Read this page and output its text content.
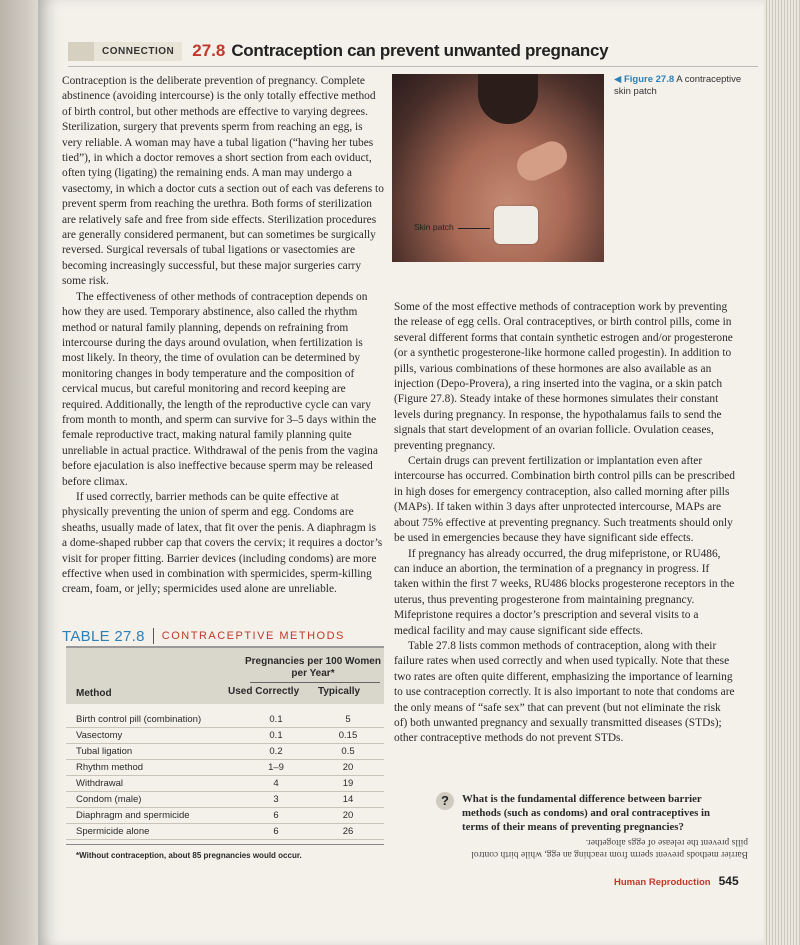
CONNECTION	27.8 Contraception can prevent unwanted pregnancy

Contraception is the deliberate prevention of pregnancy. Complete abstinence (avoiding intercourse) is the only totally effective method of birth control, but other methods are effective to varying degrees. Sterilization, surgery that prevents sperm from reaching an egg, is very reliable. A woman may have a tubal ligation (“having her tubes tied”), in which a doctor removes a short section from each oviduct, often tying (ligating) the remaining ends. A man may undergo a vasectomy, in which a doctor cuts a section out of each vas deferens to prevent sperm from reaching the urethra. Both forms of sterilization are relatively safe and free from side effects. Sterilization procedures are generally considered permanent, but can sometimes be surgically reversed. Surgical reversals of tubal ligations or vasectomies are becoming increasingly successful, but these major surgeries carry some risk.

The effectiveness of other methods of contraception depends on how they are used. Temporary abstinence, also called the rhythm method or natural family planning, depends on refraining from intercourse during the days around ovulation, when fertilization is most likely. In theory, the time of ovulation can be determined by monitoring changes in body temperature and the composition of cervical mucus, but careful monitoring and record keeping are required. Additionally, the length of the reproductive cycle can vary from month to month, and sperm can survive for 3–5 days within the female reproductive tract, making natural family planning quite unreliable in actual practice. Withdrawal of the penis from the vagina before ejaculation is also ineffective because sperm may be released before climax.

If used correctly, barrier methods can be quite effective at physically preventing the union of sperm and egg. Condoms are sheaths, usually made of latex, that fit over the penis. A diaphragm is a dome-shaped rubber cap that covers the cervix; it requires a doctor’s visit for proper fitting. Barrier devices (including condoms) are more effective when used in combination with spermicides, sperm-killing cream, foam, or jelly; spermicides used alone are unreliable.

Skin patch
◀ Figure 27.8 A contraceptive skin patch

Some of the most effective methods of contraception work by preventing the release of egg cells. Oral contraceptives, or birth control pills, come in several different forms that contain synthetic estrogen and/or progesterone (or a synthetic progesterone-like hormone called progestin). In addition to pills, various combinations of these hormones are also available as an injection (Depo-Provera), a ring inserted into the vagina, or a skin patch (Figure 27.8). Steady intake of these hormones simulates their constant levels during pregnancy. In response, the hypothalamus fails to send the signals that start development of an ovarian follicle. Ovulation ceases, preventing pregnancy.

Certain drugs can prevent fertilization or implantation even after intercourse has occurred. Combination birth control pills can be prescribed in high doses for emergency contraception, also called morning after pills (MAPs). If taken within 3 days after unprotected intercourse, MAPs are about 75% effective at preventing pregnancy. Such treatments should only be used in emergencies because they have significant side effects.

If pregnancy has already occurred, the drug mifepristone, or RU486, can induce an abortion, the termination of a pregnancy in progress. If taken within the first 7 weeks, RU486 blocks progesterone receptors in the uterus, thus preventing progesterone from maintaining pregnancy. Mifepristone requires a doctor’s prescription and several visits to a medical facility and may cause significant side effects.

Table 27.8 lists common methods of contraception, along with their failure rates when used correctly and when used typically. Note that these two rates are often quite different, emphasizing the importance of learning to use contraception correctly. It is also important to note that condoms are the only means of “safe sex” that can prevent (but not eliminate the risk of) both unwanted pregnancy and sexually transmitted diseases (STDs); other contraceptive methods do not prevent STDs.

TABLE 27.8 CONTRACEPTIVE METHODS
Pregnancies per 100 Women per Year*
Method	Used Correctly Typically
Birth control pill (combination)	0.1	5
Vasectomy	0.1	0.15
Tubal ligation	0.2	0.5
Rhythm method	1–9	20
Withdrawal	4	19
Condom (male)	3	14
Diaphragm and spermicide	6	20
Spermicide alone	6	26
*Without contraception, about 85 pregnancies would occur.
?	What is the fundamental difference between barrier methods (such as condoms) and oral contraceptives in terms of their means of preventing pregnancies?
Barrier methods prevent sperm from reaching an egg, while birth control pills prevent the release of eggs altogether.
Human Reproduction 545
